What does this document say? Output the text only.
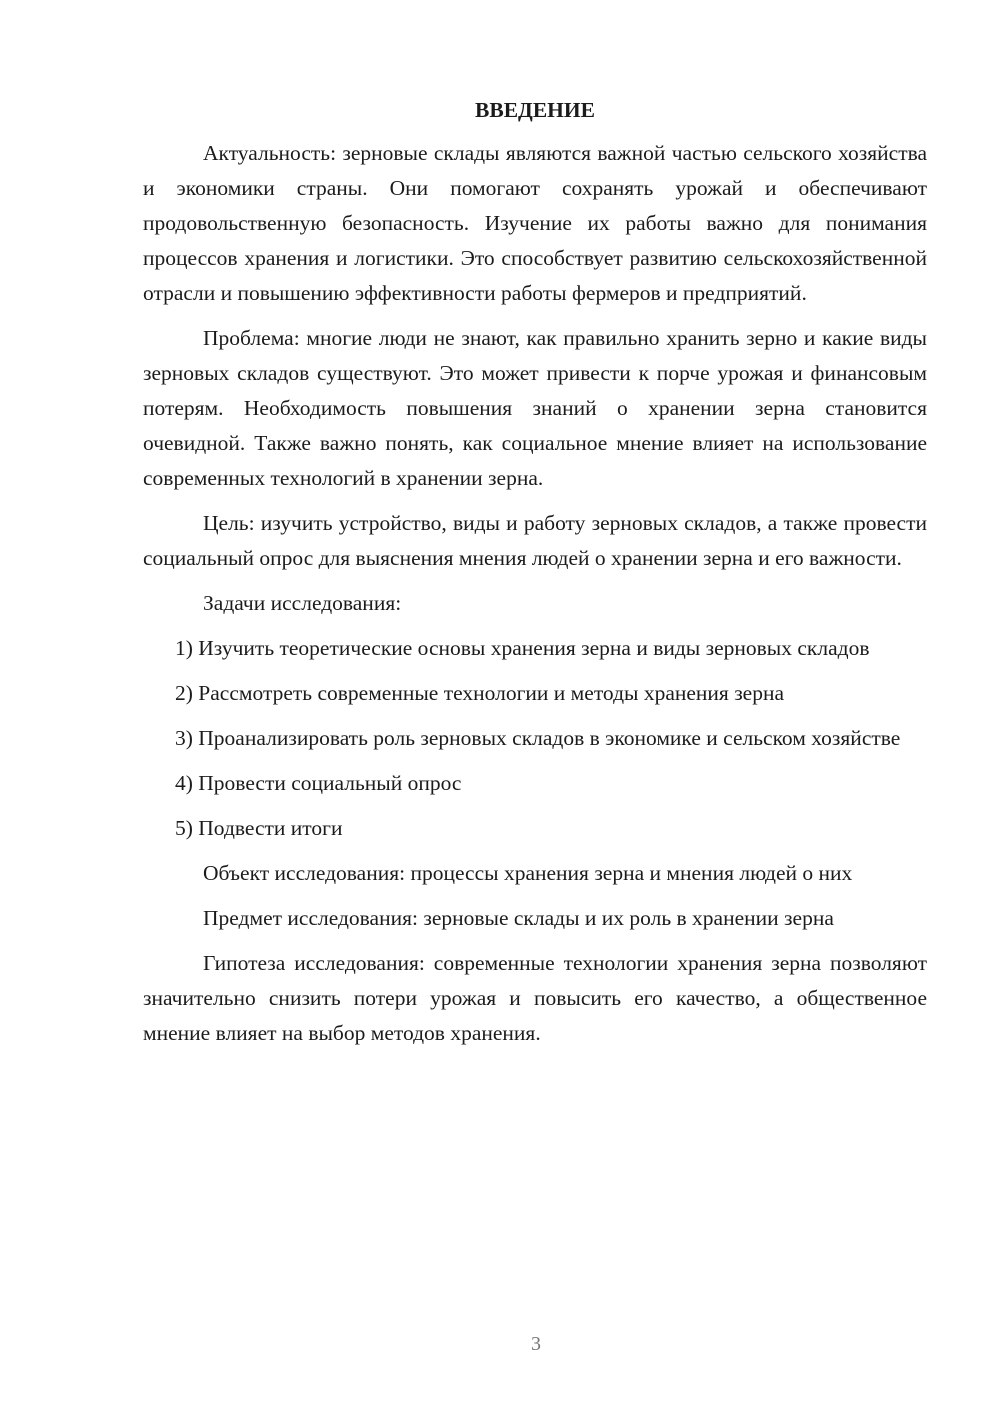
ВВЕДЕНИЕ

Актуальность: зерновые склады являются важной частью сельского хозяйства и экономики страны. Они помогают сохранять урожай и обеспечивают продовольственную безопасность. Изучение их работы важно для понимания процессов хранения и логистики. Это способствует развитию сельскохозяйственной отрасли и повышению эффективности работы фермеров и предприятий.

Проблема: многие люди не знают, как правильно хранить зерно и какие виды зерновых складов существуют. Это может привести к порче урожая и финансовым потерям. Необходимость повышения знаний о хранении зерна становится очевидной. Также важно понять, как социальное мнение влияет на использование современных технологий в хранении зерна.

Цель: изучить устройство, виды и работу зерновых складов, а также провести социальный опрос для выяснения мнения людей о хранении зерна и его важности.

Задачи исследования:

1) Изучить теоретические основы хранения зерна и виды зерновых складов

2) Рассмотреть современные технологии и методы хранения зерна

3) Проанализировать роль зерновых складов в экономике и сельском хозяйстве

4) Провести социальный опрос

5) Подвести итоги

Объект исследования: процессы хранения зерна и мнения людей о них

Предмет исследования: зерновые склады и их роль в хранении зерна

Гипотеза исследования: современные технологии хранения зерна позволяют значительно снизить потери урожая и повысить его качество, а общественное мнение влияет на выбор методов хранения.

3
